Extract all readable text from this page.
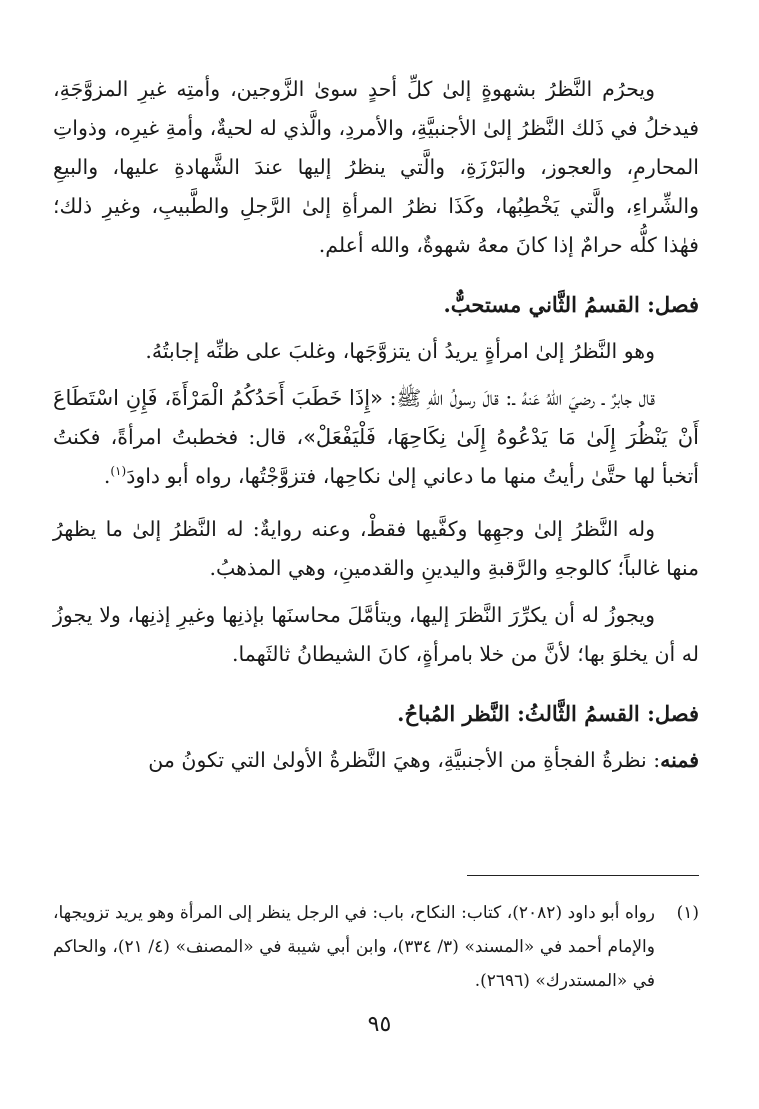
ويحرُم النَّظرُ بشهوةٍ إلىٰ كلِّ أحدٍ سوىٰ الزَّوجين، وأمتِه غيرِ المزوَّجَةِ، فيدخلُ في ذَلك النَّظرُ إلىٰ الأجنبيَّةِ، والأمردِ، والَّذي له لحيةٌ، وأمةِ غيرِه، وذواتِ المحارمِ، والعجوز، والبَرْزَةِ، والَّتي ينظرُ إليها عندَ الشَّهادةِ عليها، والبيعِ والشِّراءِ، والَّتي يَخْطِبُها، وكَذَا نظرُ المرأةِ إلىٰ الرَّجلِ والطَّبيبِ، وغيرِ ذلك؛ فهٰذا كلُّه حرامٌ إذا كانَ معهُ شهوةٌ، والله أعلم.

فصل: القسمُ الثَّاني مستحبٌّ.

وهو النَّظرُ إلىٰ امرأةٍ يريدُ أن يتزوَّجَها، وغلبَ على ظنِّه إجابتُهُ.

قال جابرٌ ـ رضيَ اللهُ عَنهُ ـ: قالَ رسولُ اللهِ ﷺ: «إِذَا خَطَبَ أَحَدُكُمُ الْمَرْأَةَ، فَإِنِ اسْتَطَاعَ أَنْ يَنْظُرَ إِلَىٰ مَا يَدْعُوهُ إِلَىٰ نِكَاحِهَا، فَلْيَفْعَلْ»، قال: فخطبتُ امرأةً، فكنتُ أتخبأ لها حتَّىٰ رأيتُ منها ما دعاني إلىٰ نكاحِها، فتزوَّجْتُها، رواه أبو داودَ$^{(١)}$.

وله النَّظرُ إلىٰ وجهِها وكفَّيها فقطْ، وعنه روايةٌ: له النَّظرُ إلىٰ ما يظهرُ منها غالباً؛ كالوجهِ والرَّقبةِ واليدينِ والقدمينِ، وهي المذهبُ.

ويجوزُ له أن يكرِّرَ النَّظرَ إليها، ويتأمَّلَ محاسنَها بإذنِها وغيرِ إذنِها، ولا يجوزُ له أن يخلوَ بها؛ لأنَّ من خلا بامرأةٍ، كانَ الشيطانُ ثالثَهما.

فصل: القسمُ الثَّالثُ: النَّظر المُباحُ.

فمنه: نظرةُ الفجأةِ من الأجنبيَّةِ، وهيَ النَّظرةُ الأولىٰ التي تكونُ من

(١)

رواه أبو داود (٢٠٨٢)، كتاب: النكاح، باب: في الرجل ينظر إلى المرأة وهو يريد تزويجها، والإمام أحمد في «المسند» (٣/ ٣٣٤)، وابن أبي شيبة في «المصنف» (٤/ ٢١)، والحاكم في «المستدرك» (٢٦٩٦).

٩٥
